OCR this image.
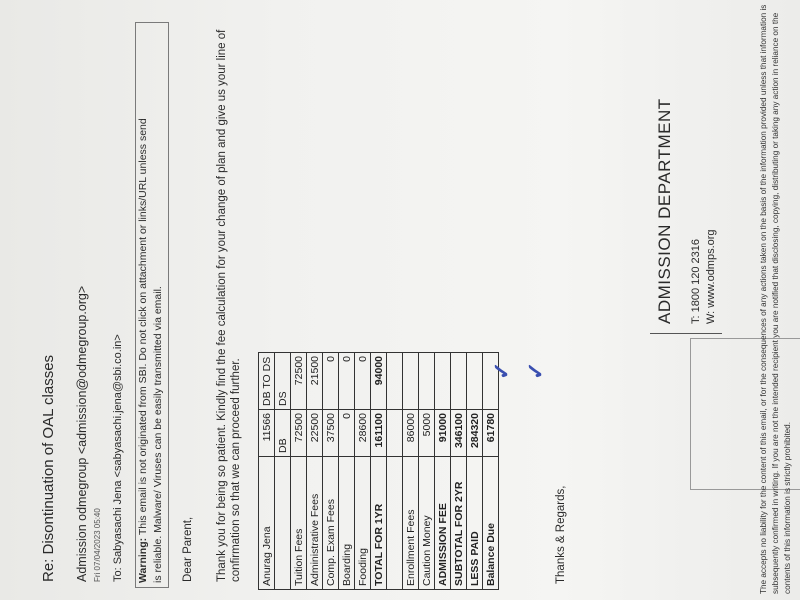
Re: Disontinuation of OAL classes Admission odmegroup <admission@odmegroup.org> Fri 07/04/2023 05:40 To: Sabyasachi Jena <sabyasachi.jena@sbi.co.in> Warning: This email is not originated from SBI. Do not click on attachment or links/URL unless send is reliable. Malware/ Viruses can be easily transmitted via email.	Dear Parent, Thank you for being so patient. Kindly find the fee calculation for your change of plan and give us your line of confirmation so that we can proceed further. Anurag Jena	11566	DB TO DS
	DB	DS
Tuition Fees	72500	72500
Administrative Fees	22500	21500
Comp. Exam Fees	37500	0
Boarding	0	0
Fooding	28600	0
TOTAL FOR 1YR	161100	94000

Enrollment Fees	86000	
Caution Money	5000	
ADMISSION FEE	91000	
SUBTOTAL FOR 2YR	346100	
LESS PAID	284320	
Balance Due	61780	
✓ ✓
Thanks & Regards,
ADMISSION DEPARTMENT T: 1800 120 2316 W: www.odmps.org	The accepts no liability for the content of this email, or for the consequences of any actions taken on the basis of the information provided unless that information is subsequently confirmed in writing. If you are not the intended recipient you are notified that disclosing, copying, distributing or taking any action in reliance on the contents of this information is strictly prohibited.
